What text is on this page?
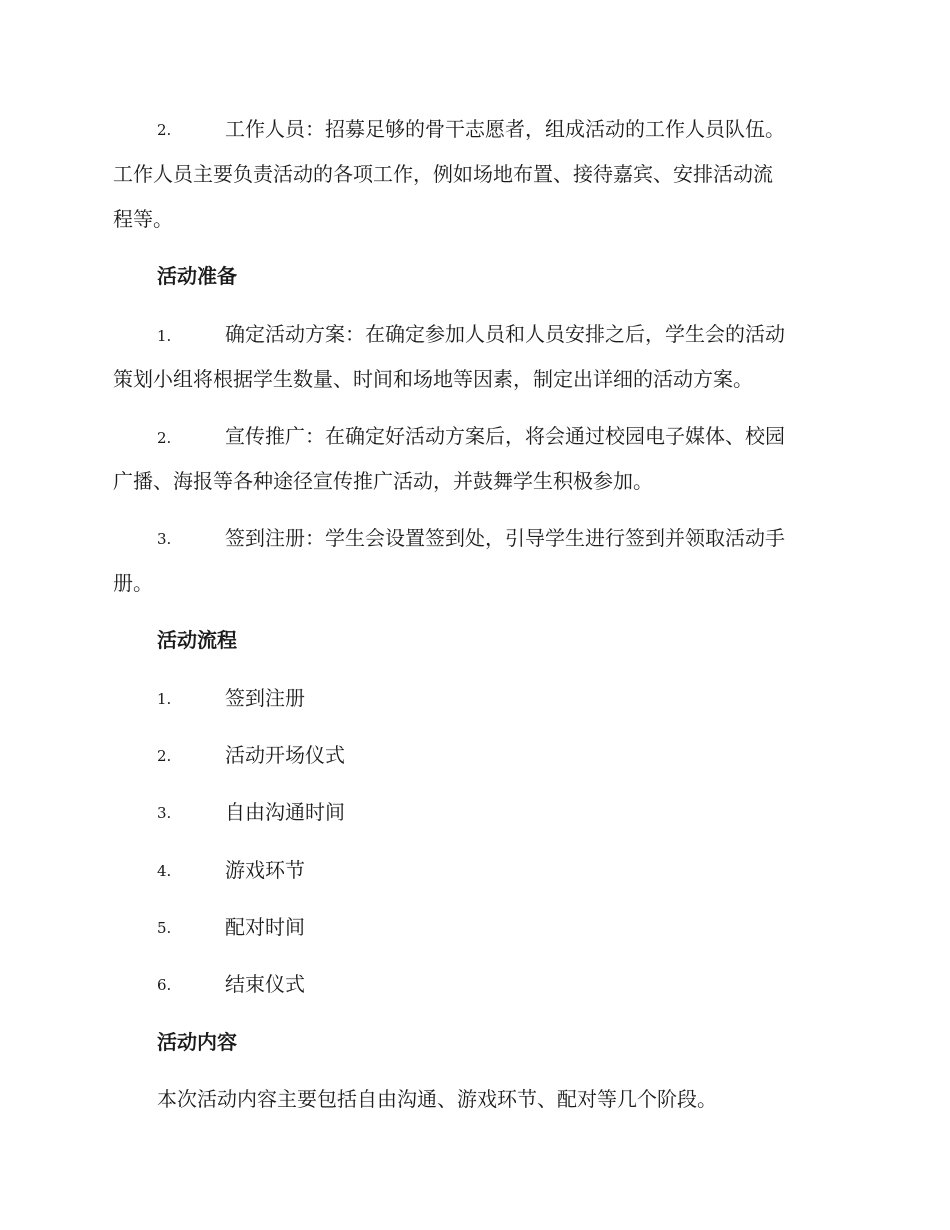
2.	工作人员：招募足够的骨干志愿者，组成活动的工作人员队伍。
工作人员主要负责活动的各项工作，例如场地布置、接待嘉宾、安排活动流
程等。
活动准备
1.	确定活动方案：在确定参加人员和人员安排之后，学生会的活动
策划小组将根据学生数量、时间和场地等因素，制定出详细的活动方案。
2.	宣传推广：在确定好活动方案后，将会通过校园电子媒体、校园
广播、海报等各种途径宣传推广活动，并鼓舞学生积极参加。
3.	签到注册：学生会设置签到处，引导学生进行签到并领取活动手
册。
活动流程
1.	签到注册
2.	活动开场仪式
3.	自由沟通时间
4.	游戏环节
5.	配对时间
6.	结束仪式
活动内容
本次活动内容主要包括自由沟通、游戏环节、配对等几个阶段。
